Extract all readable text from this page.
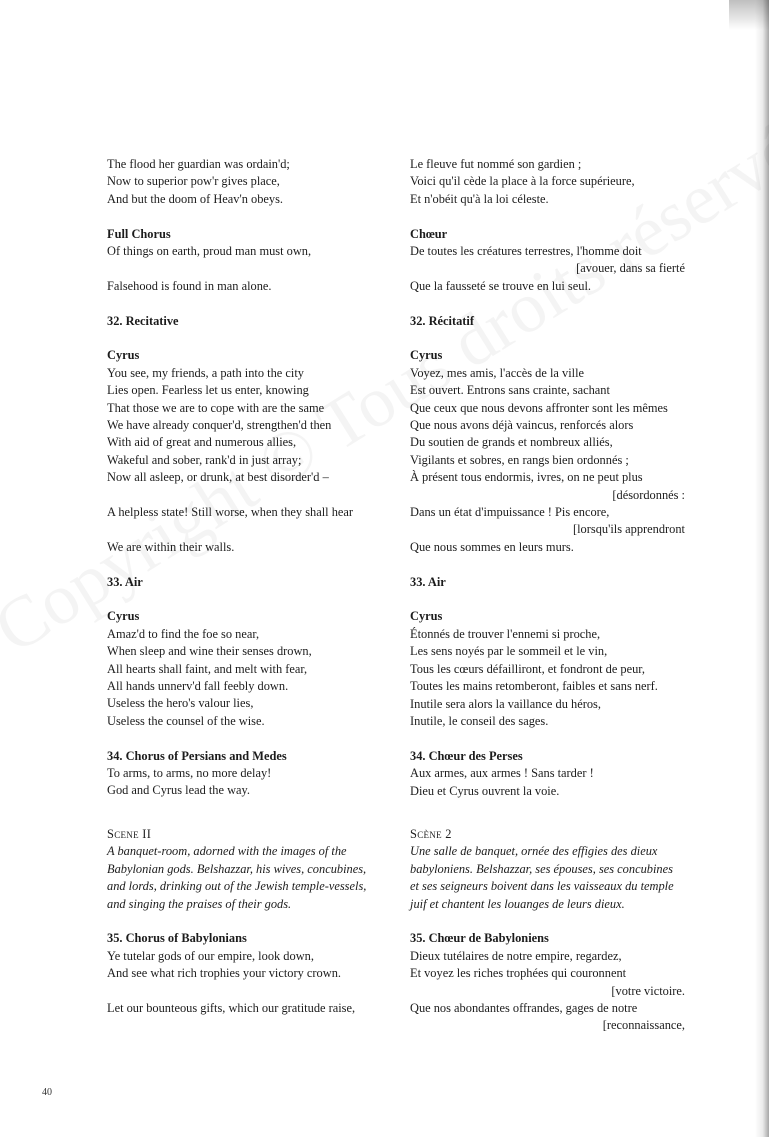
The flood her guardian was ordain'd;
Now to superior pow'r gives place,
And but the doom of Heav'n obeys.
Full Chorus
Of things on earth, proud man must own,
Falsehood is found in man alone.
32. Recitative
Cyrus
You see, my friends, a path into the city
Lies open. Fearless let us enter, knowing
That those we are to cope with are the same
We have already conquer'd, strengthen'd then
With aid of great and numerous allies,
Wakeful and sober, rank'd in just array;
Now all asleep, or drunk, at best disorder'd –
A helpless state! Still worse, when they shall hear
We are within their walls.
33. Air
Cyrus
Amaz'd to find the foe so near,
When sleep and wine their senses drown,
All hearts shall faint, and melt with fear,
All hands unnerv'd fall feebly down.
Useless the hero's valour lies,
Useless the counsel of the wise.
34. Chorus of Persians and Medes
To arms, to arms, no more delay!
God and Cyrus lead the way.
Scene II
A banquet-room, adorned with the images of the
Babylonian gods. Belshazzar, his wives, concubines,
and lords, drinking out of the Jewish temple-vessels,
and singing the praises of their gods.
35. Chorus of Babylonians
Ye tutelar gods of our empire, look down,
And see what rich trophies your victory crown.
Let our bounteous gifts, which our gratitude raise,
Le fleuve fut nommé son gardien ;
Voici qu'il cède la place à la force supérieure,
Et n'obéit qu'à la loi céleste.
Chœur
De toutes les créatures terrestres, l'homme doit
[avouer, dans sa fierté
Que la fausseté se trouve en lui seul.
32. Récitatif
Cyrus
Voyez, mes amis, l'accès de la ville
Est ouvert. Entrons sans crainte, sachant
Que ceux que nous devons affronter sont les mêmes
Que nous avons déjà vaincus, renforcés alors
Du soutien de grands et nombreux alliés,
Vigilants et sobres, en rangs bien ordonnés ;
À présent tous endormis, ivres, on ne peut plus
[désordonnés :
Dans un état d'impuissance ! Pis encore,
[lorsqu'ils apprendront
Que nous sommes en leurs murs.
33. Air
Cyrus
Étonnés de trouver l'ennemi si proche,
Les sens noyés par le sommeil et le vin,
Tous les cœurs défailliront, et fondront de peur,
Toutes les mains retomberont, faibles et sans nerf.
Inutile sera alors la vaillance du héros,
Inutile, le conseil des sages.
34. Chœur des Perses
Aux armes, aux armes ! Sans tarder !
Dieu et Cyrus ouvrent la voie.
Scène 2
Une salle de banquet, ornée des effigies des dieux
babyloniens. Belshazzar, ses épouses, ses concubines
et ses seigneurs boivent dans les vaisseaux du temple
juif et chantent les louanges de leurs dieux.
35. Chœur de Babyloniens
Dieux tutélaires de notre empire, regardez,
Et voyez les riches trophées qui couronnent
[votre victoire.
Que nos abondantes offrandes, gages de notre
[reconnaissance,
40
